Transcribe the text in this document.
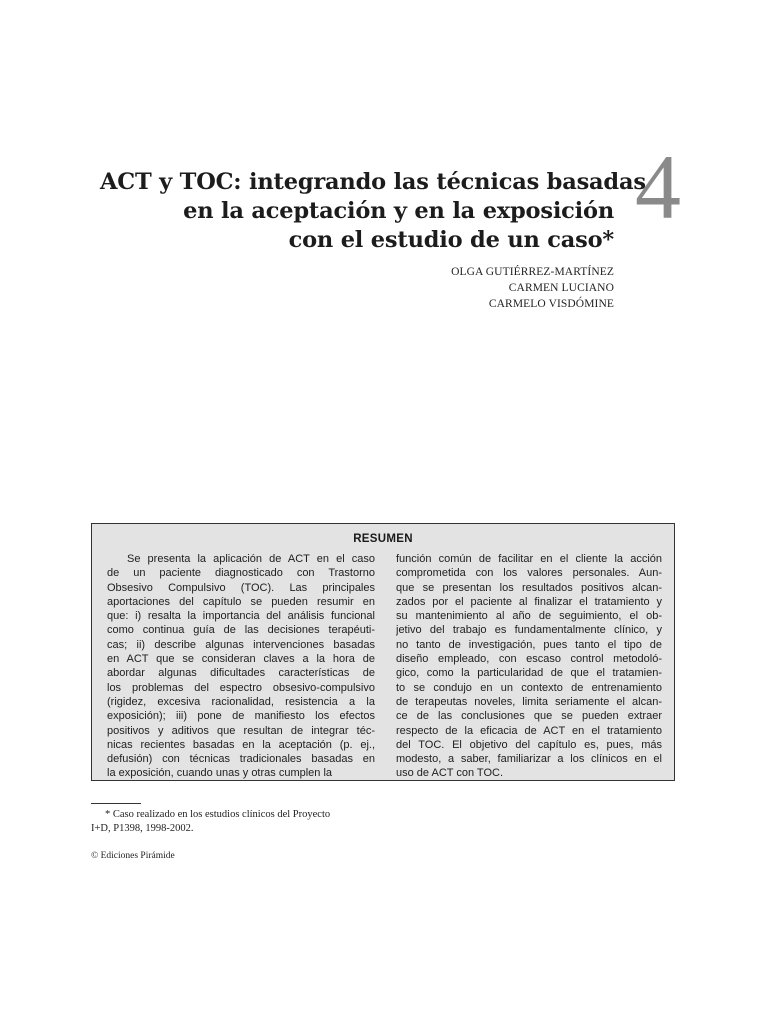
ACT y TOC: integrando las técnicas basadas
en la aceptación y en la exposición
con el estudio de un caso*
4
OLGA GUTIÉRREZ-MARTÍNEZ
CARMEN LUCIANO
CARMELO VISDÓMINE
RESUMEN
Se presenta la aplicación de ACT en el caso
de un paciente diagnosticado con Trastorno
Obsesivo Compulsivo (TOC). Las principales
aportaciones del capítulo se pueden resumir en
que: i) resalta la importancia del análisis funcional
como continua guía de las decisiones terapéuti-
cas; ii) describe algunas intervenciones basadas
en ACT que se consideran claves a la hora de
abordar algunas dificultades características de
los problemas del espectro obsesivo-compulsivo
(rigidez, excesiva racionalidad, resistencia a la
exposición); iii) pone de manifiesto los efectos
positivos y aditivos que resultan de integrar téc-
nicas recientes basadas en la aceptación (p. ej.,
defusión) con técnicas tradicionales basadas en
la exposición, cuando unas y otras cumplen la
función común de facilitar en el cliente la acción
comprometida con los valores personales. Aun-
que se presentan los resultados positivos alcan-
zados por el paciente al finalizar el tratamiento y
su mantenimiento al año de seguimiento, el ob-
jetivo del trabajo es fundamentalmente clínico, y
no tanto de investigación, pues tanto el tipo de
diseño empleado, con escaso control metodoló-
gico, como la particularidad de que el tratamien-
to se condujo en un contexto de entrenamiento
de terapeutas noveles, limita seriamente el alcan-
ce de las conclusiones que se pueden extraer
respecto de la eficacia de ACT en el tratamiento
del TOC. El objetivo del capítulo es, pues, más
modesto, a saber, familiarizar a los clínicos en el
uso de ACT con TOC.
* Caso realizado en los estudios clínicos del Proyecto
I+D, P1398, 1998-2002.
© Ediciones Pirámide
